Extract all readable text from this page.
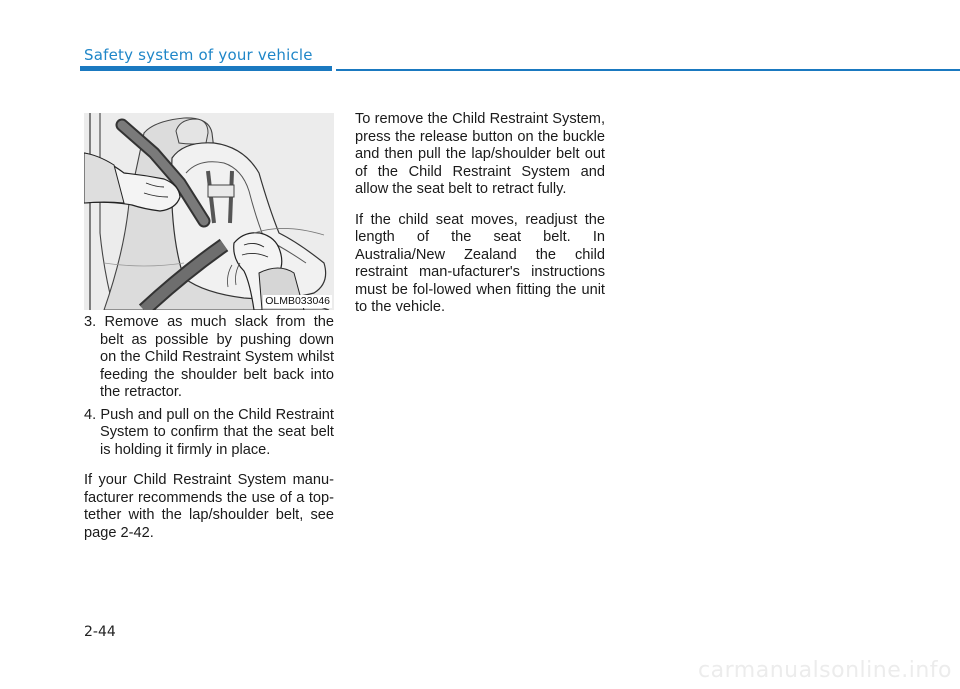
Safety system of your vehicle
OLMB033046
3. Remove as much slack from the belt as possible by pushing down on the Child Restraint System whilst feeding the shoulder belt back into the retractor.
4. Push and pull on the Child Restraint System to confirm that the seat belt is holding it firmly in place.
If your Child Restraint System manu-facturer recommends the use of a top-tether with the lap/shoulder belt, see page 2-42.
To remove the Child Restraint System, press the release button on the buckle and then pull the lap/shoulder belt out of the Child Restraint System and allow the seat belt to retract fully.
If the child seat moves, readjust the length of the seat belt. In Australia/New Zealand the child restraint man-ufacturer's instructions must be fol-lowed when fitting the unit to the vehicle.
2-44
carmanualsonline.info
